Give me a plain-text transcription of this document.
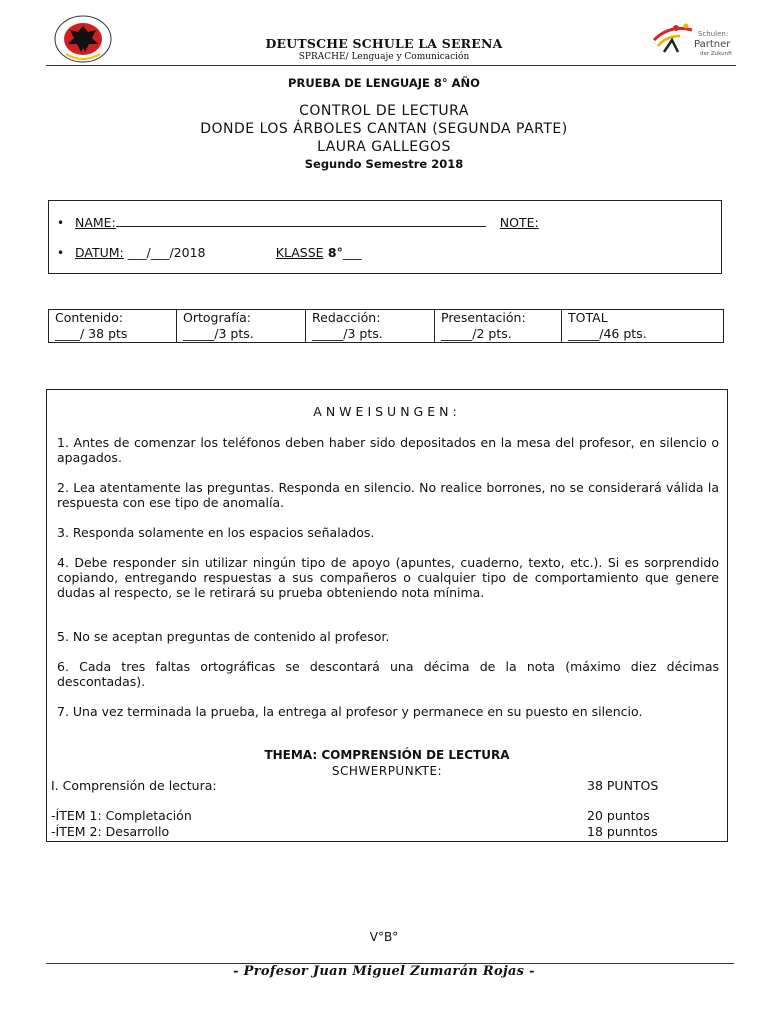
Schulen:
Partner
der Zukunft
DEUTSCHE SCHULE LA SERENA
SPRACHE/ Lenguaje y Comunicación
PRUEBA DE LENGUAJE 8° AÑO
CONTROL DE LECTURA
DONDE LOS ÁRBOLES CANTAN (SEGUNDA PARTE)
LAURA GALLEGOS
Segundo Semestre 2018
• NAME:	NOTE:
• DATUM: ___/___/2018	KLASSE 8° ___
Contenido:
____/ 38 pts

Ortografía:
_____/3 pts.

Redacción:
_____/3 pts.

Presentación:
_____/2 pts.

TOTAL
_____/46 pts.
ANWEISUNGEN:
1. Antes de comenzar los teléfonos deben haber sido depositados en la mesa del profesor, en silencio o apagados.
2. Lea atentamente las preguntas. Responda en silencio. No realice borrones, no se considerará válida la respuesta con ese tipo de anomalía.
3. Responda solamente en los espacios señalados.
4. Debe responder sin utilizar ningún tipo de apoyo (apuntes, cuaderno, texto, etc.). Si es sorprendido copiando, entregando respuestas a sus compañeros o cualquier tipo de comportamiento que genere dudas al respecto, se le retirará su prueba obteniendo nota mínima.
5. No se aceptan preguntas de contenido al profesor.
6. Cada tres faltas ortográficas se descontará una décima de la nota (máximo diez décimas descontadas).
7. Una vez terminada la prueba, la entrega al profesor y permanece en su puesto en silencio.
THEMA: COMPRENSIÓN DE LECTURA
SCHWERPUNKTE:
I. Comprensión de lectura:	38 PUNTOS
-ÍTEM 1: Completación	20 puntos
-ÍTEM 2: Desarrollo	18 punntos
V°B°
- Profesor Juan Miguel Zumarán Rojas -
